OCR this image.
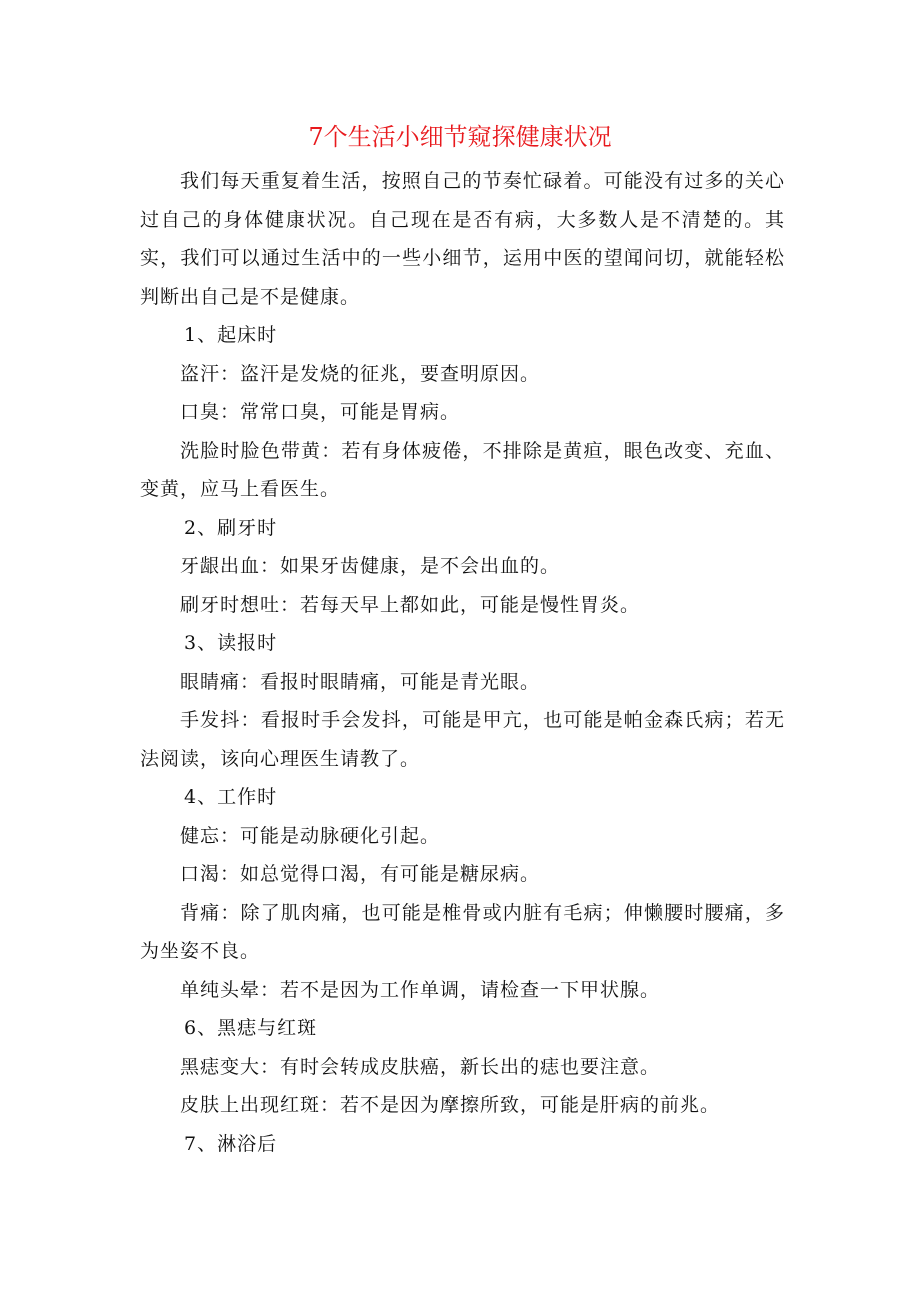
7个生活小细节窥探健康状况

我们每天重复着生活，按照自己的节奏忙碌着。可能没有过多的关心过自己的身体健康状况。自己现在是否有病，大多数人是不清楚的。其实，我们可以通过生活中的一些小细节，运用中医的望闻问切，就能轻松判断出自己是不是健康。

1、起床时

盗汗：盗汗是发烧的征兆，要查明原因。

口臭：常常口臭，可能是胃病。

洗脸时脸色带黄：若有身体疲倦，不排除是黄疸，眼色改变、充血、变黄，应马上看医生。

2、刷牙时

牙龈出血：如果牙齿健康，是不会出血的。

刷牙时想吐：若每天早上都如此，可能是慢性胃炎。

3、读报时

眼睛痛：看报时眼睛痛，可能是青光眼。

手发抖：看报时手会发抖，可能是甲亢，也可能是帕金森氏病；若无法阅读，该向心理医生请教了。

4、工作时

健忘：可能是动脉硬化引起。

口渴：如总觉得口渴，有可能是糖尿病。

背痛：除了肌肉痛，也可能是椎骨或内脏有毛病；伸懒腰时腰痛，多为坐姿不良。

单纯头晕：若不是因为工作单调，请检查一下甲状腺。

6、黑痣与红斑

黑痣变大：有时会转成皮肤癌，新长出的痣也要注意。

皮肤上出现红斑：若不是因为摩擦所致，可能是肝病的前兆。

7、淋浴后
